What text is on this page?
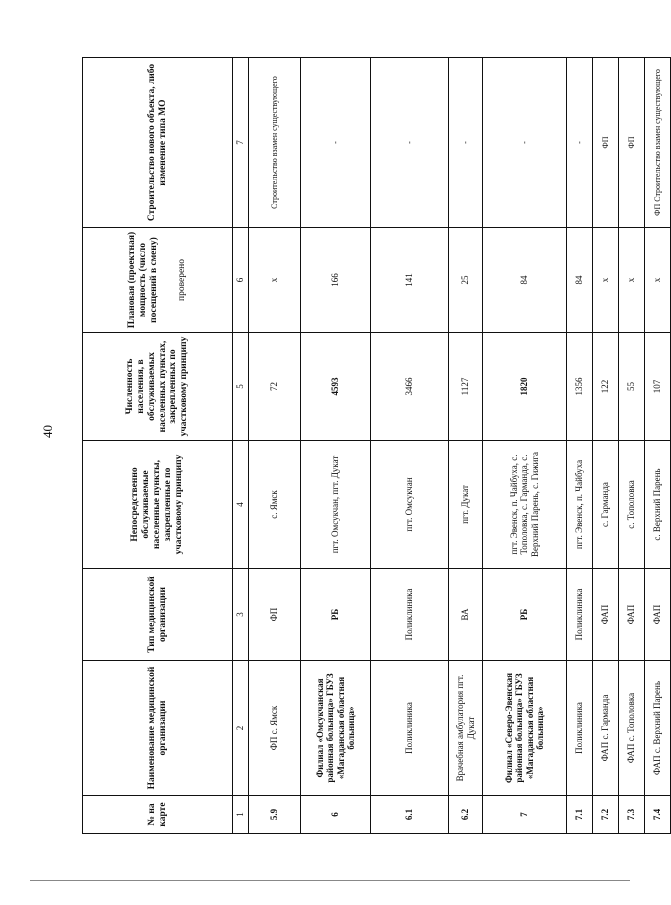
40
№ на карте	Наименование медицинской организации	Тип медицинской организации	Непосредственно обслуживаемые населенные пункты, закрепленные по участковому принципу	Численность населения, в обслуживаемых населенных пунктах, закрепленных по участковому принципу	Плановая (проектная) мощность (число посещений в смену) проверено	Строительство нового объекта, либо изменение типа МО
1	2	3	4	5	6	7
5.9	ФП с. Ямск	ФП	с. Ямск	72	х	Строительство взамен существующего
6	Филиал «Омсукчанская районная больница» ГБУЗ «Магаданская областная больница»	РБ	пгт. Омсукчан, пгт. Дукат	4593	166	-
6.1	Поликлиника	Поликлиника	пгт. Омсукчан	3466	141	-
6.2	Врачебная амбулатория пгт. Дукат	ВА	пгт. Дукат	1127	25	-
7	Филиал «Северо-Эвенская районная больница» ГБУЗ «Магаданская областная больница»	РБ	пгт. Эвенск, п. Чайбуха, с. Тополовка, с. Гарманда, с. Верхний Парень, с. Гижига	1820	84	-
7.1	Поликлиника	Поликлиника	пгт. Эвенск, п. Чайбуха	1356	84	-
7.2	ФАП с. Гарманда	ФАП	с. Гарманда	122	х	ФП
7.3	ФАП с. Тополовка	ФАП	с. Тополовка	55	х	ФП
7.4	ФАП с. Верхний Парень	ФАП	с. Верхний Парень	107	х	ФП Строительство взамен существующего
